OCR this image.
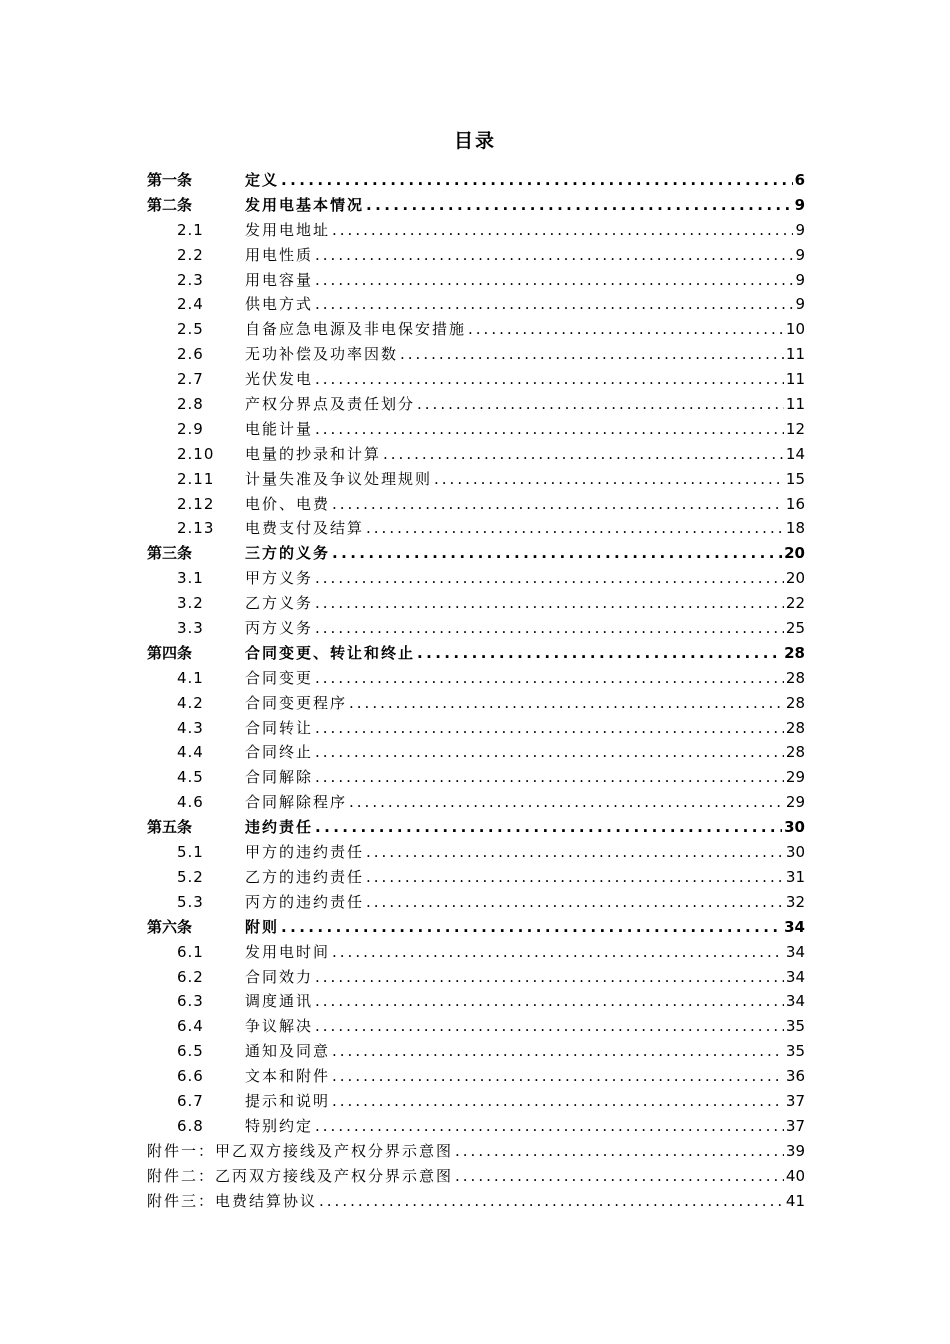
目录
第一条	定义 .....	6
第二条	发用电基本情况 .....	9
2.1	发用电地址 .....	9
2.2	用电性质 .....	9
2.3	用电容量 .....	9
2.4	供电方式 .....	9
2.5	自备应急电源及非电保安措施 .....	10
2.6	无功补偿及功率因数 .....	11
2.7	光伏发电 .....	11
2.8	产权分界点及责任划分 .....	11
2.9	电能计量 .....	12
2.10 电量的抄录和计算 .....	14
2.11 计量失准及争议处理规则 .....	15
2.12 电价、电费 .....	16
2.13 电费支付及结算 .....	18
第三条	三方的义务 .....	20
3.1	甲方义务 .....	20
3.2	乙方义务 .....	22
3.3	丙方义务 .....	25
第四条	合同变更、转让和终止 .....	28
4.1	合同变更 .....	28
4.2	合同变更程序 .....	28
4.3	合同转让 .....	28
4.4	合同终止 .....	28
4.5	合同解除 .....	29
4.6	合同解除程序 .....	29
第五条	违约责任 .....	30
5.1	甲方的违约责任 .....	30
5.2	乙方的违约责任 .....	31
5.3	丙方的违约责任 .....	32
第六条	附则 .....	34
6.1	发用电时间 .....	34
6.2	合同效力 .....	34
6.3	调度通讯 .....	34
6.4	争议解决 .....	35
6.5	通知及同意 .....	35
6.6	文本和附件 .....	36
6.7	提示和说明 .....	37
6.8	特别约定 .....	37
附件一：甲乙双方接线及产权分界示意图 .....	39
附件二：乙丙双方接线及产权分界示意图 .....	40
附件三：电费结算协议 .....	41
